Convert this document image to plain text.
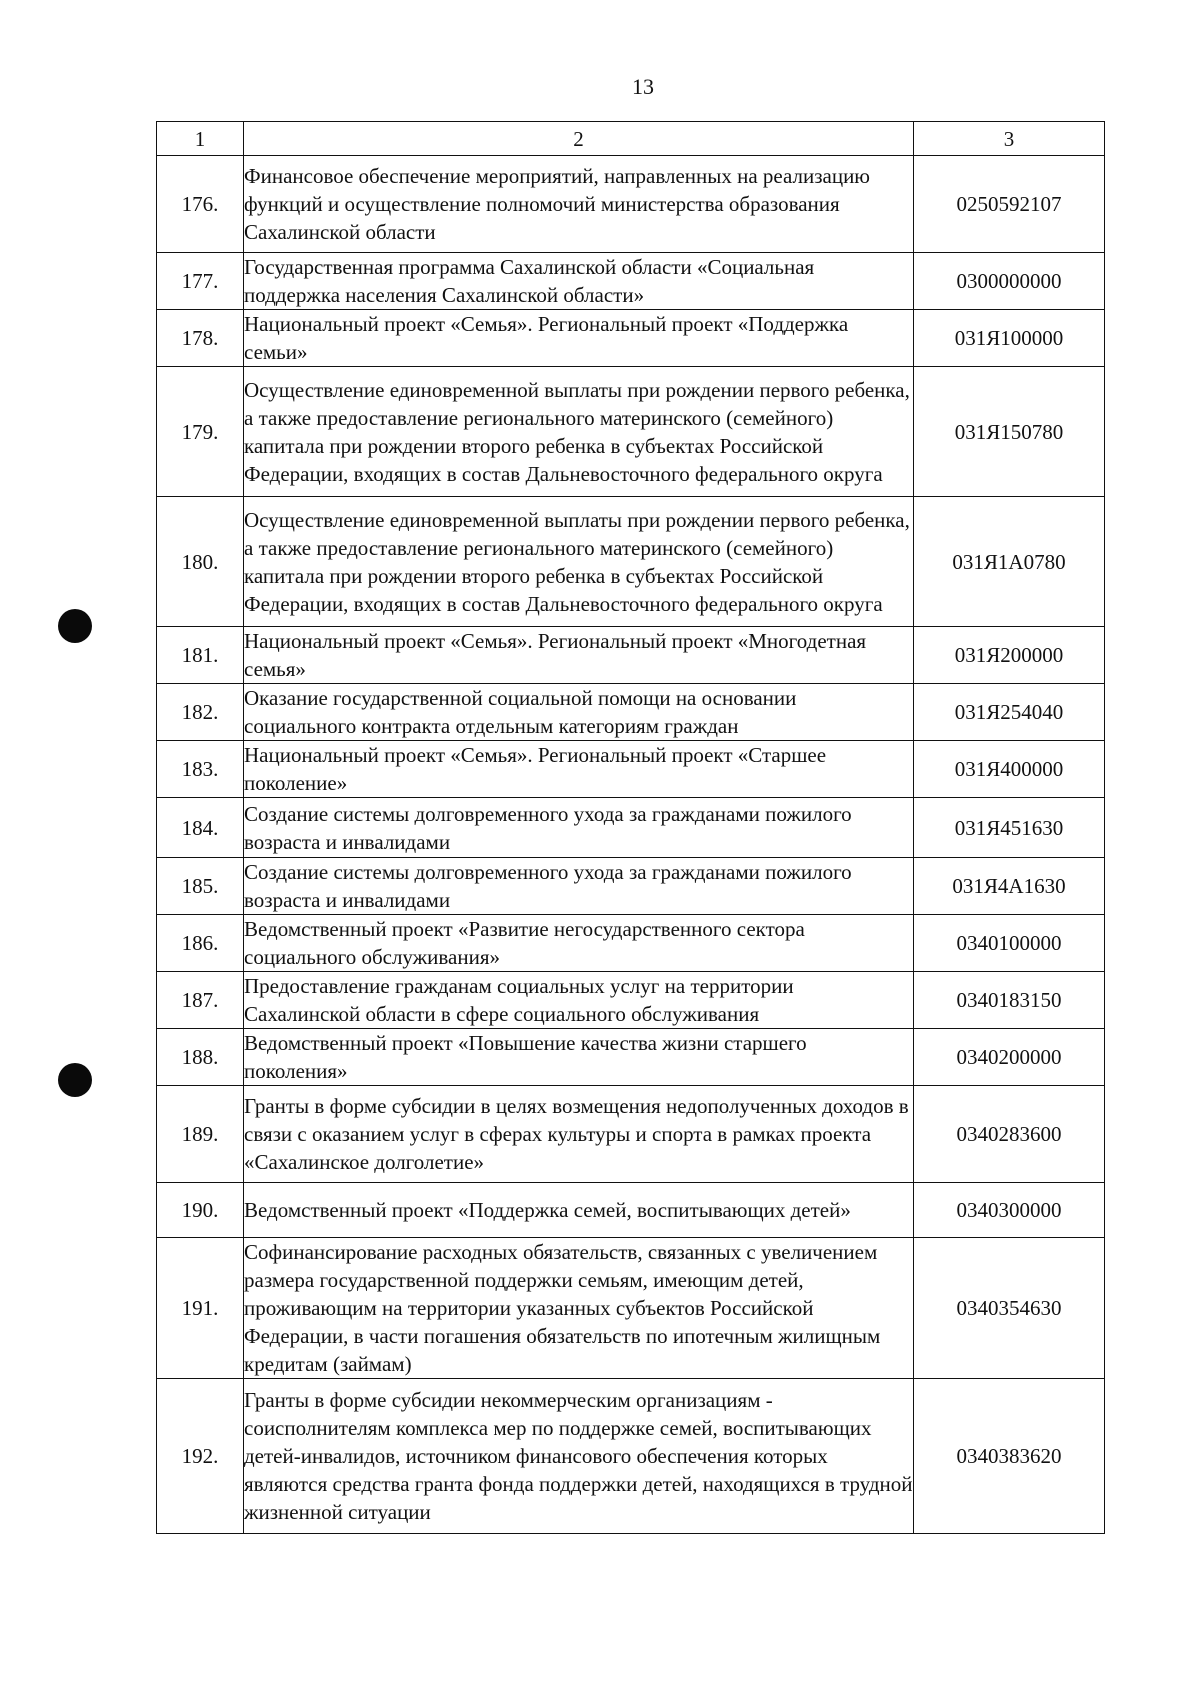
13
1	2	3
176.	Финансовое обеспечение мероприятий, направленных на реализацию функций и осуществление полномочий министерства образования Сахалинской области	0250592107
177.	Государственная программа Сахалинской области «Социальная поддержка населения Сахалинской области»	0300000000
178.	Национальный проект «Семья». Региональный проект «Поддержка семьи»	031Я100000
179.	Осуществление единовременной выплаты при рождении первого ребенка, а также предоставление регионального материнского (семейного) капитала при рождении второго ребенка в субъектах Российской Федерации, входящих в состав Дальневосточного федерального округа	031Я150780
180.	Осуществление единовременной выплаты при рождении первого ребенка, а также предоставление регионального материнского (семейного) капитала при рождении второго ребенка в субъектах Российской Федерации, входящих в состав Дальневосточного федерального округа	031Я1А0780
181.	Национальный проект «Семья». Региональный проект «Многодетная семья»	031Я200000
182.	Оказание государственной социальной помощи на основании социального контракта отдельным категориям граждан	031Я254040
183.	Национальный проект «Семья». Региональный проект «Старшее поколение»	031Я400000
184.	Создание системы долговременного ухода за гражданами пожилого возраста и инвалидами	031Я451630
185.	Создание системы долговременного ухода за гражданами пожилого возраста и инвалидами	031Я4А1630
186.	Ведомственный проект «Развитие негосударственного сектора социального обслуживания»	0340100000
187.	Предоставление гражданам социальных услуг на территории Сахалинской области в сфере социального обслуживания	0340183150
188.	Ведомственный проект «Повышение качества жизни старшего поколения»	0340200000
189.	Гранты в форме субсидии в целях возмещения недополученных доходов в связи с оказанием услуг в сферах культуры и спорта в рамках проекта «Сахалинское долголетие»	0340283600
190.	Ведомственный проект «Поддержка семей, воспитывающих детей»	0340300000
191.	Софинансирование расходных обязательств, связанных с увеличением размера государственной поддержки семьям, имеющим детей, проживающим на территории указанных субъектов Российской Федерации, в части погашения обязательств по ипотечным жилищным кредитам (займам)	0340354630
192.	Гранты в форме субсидии некоммерческим организациям - соисполнителям комплекса мер по поддержке семей, воспитывающих детей-инвалидов, источником финансового обеспечения которых являются средства гранта фонда поддержки детей, находящихся в трудной жизненной ситуации	0340383620
